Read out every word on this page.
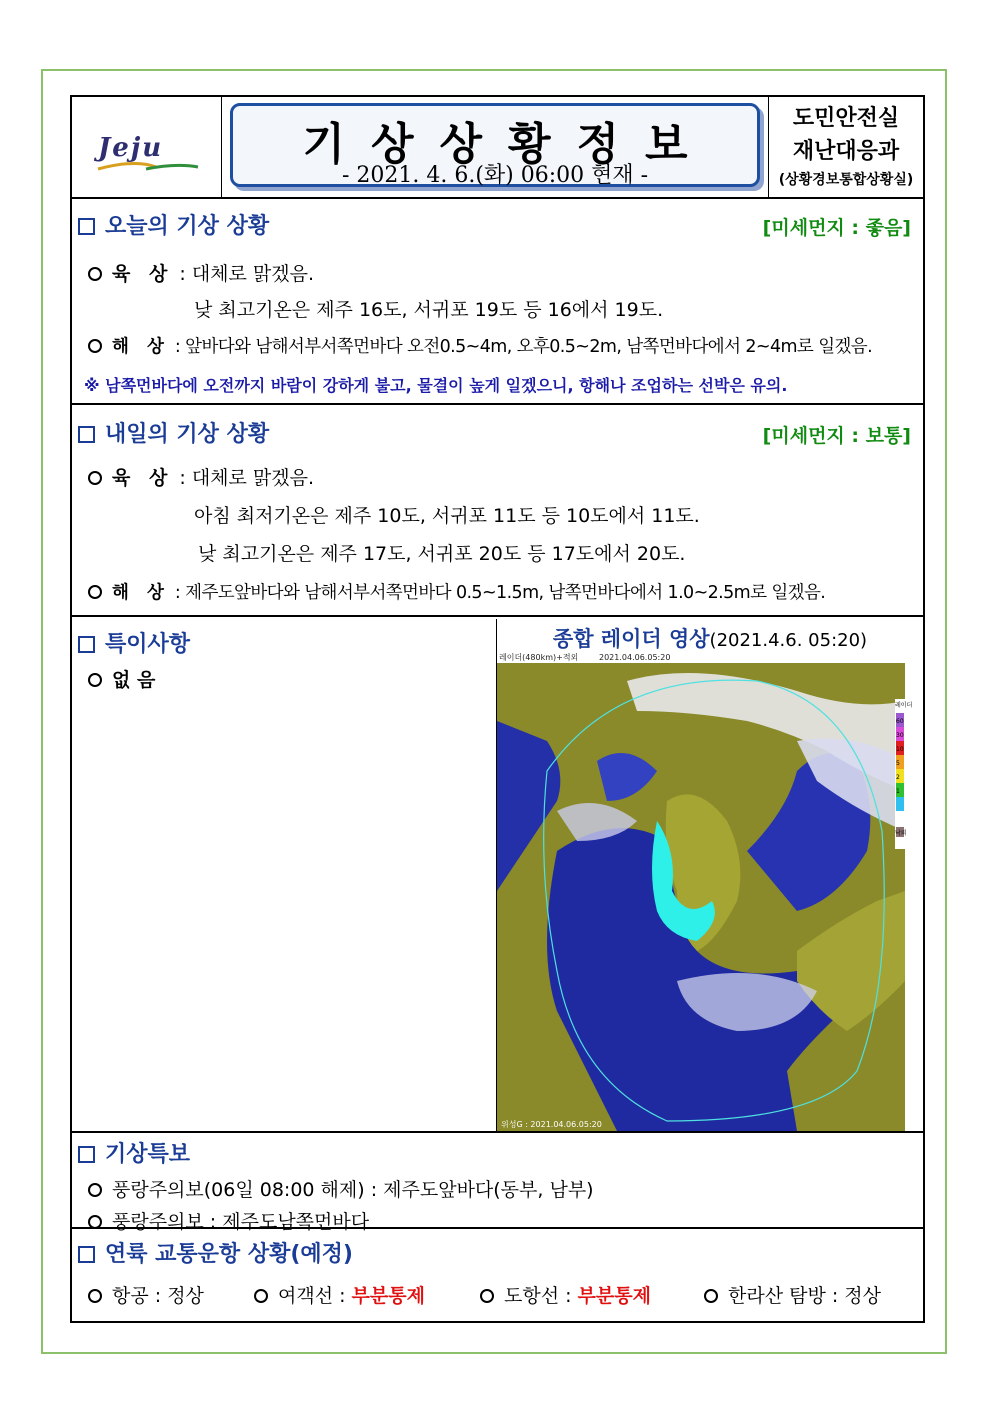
Jeju	기상상황정보
- 2021. 4. 6.(화) 06:00 현재 -
도민안전실
재난대응과
(상황경보통합상황실)
오늘의 기상 상황	[미세먼지 : 좋음]
육 상 : 대체로 맑겠음.
낮 최고기온은 제주 16도, 서귀포 19도 등 16에서 19도.
해 상 : 앞바다와 남해서부서쪽먼바다 오전0.5~4m, 오후0.5~2m, 남쪽먼바다에서 2~4m로 일겠음.
※ 남쪽먼바다에 오전까지 바람이 강하게 불고, 물결이 높게 일겠으니, 항해나 조업하는 선박은 유의.
내일의 기상 상황	[미세먼지 : 보통]
육 상 : 대체로 맑겠음.
아침 최저기온은 제주 10도, 서귀포 11도 등 10도에서 11도.
낮 최고기온은 제주 17도, 서귀포 20도 등 17도에서 20도.
해 상 : 제주도앞바다와 남해서부서쪽먼바다 0.5~1.5m, 남쪽먼바다에서 1.0~2.5m로 일겠음.
특이사항
없 음
종합 레이더 영상(2021.4.6. 05:20)
레이더(480km)+적외	2021.04.06.05:20
위성G : 2021.04.06.05:20
레이더
60
30
10
5
2
1
낙뢰
기상특보
풍랑주의보(06일 08:00 해제) : 제주도앞바다(동부, 남부)
풍랑주의보 : 제주도남쪽먼바다
연륙 교통운항 상황(예정)
항공 : 정상	여객선 : 부분통제	도항선 : 부분통제	한라산 탐방 : 정상
